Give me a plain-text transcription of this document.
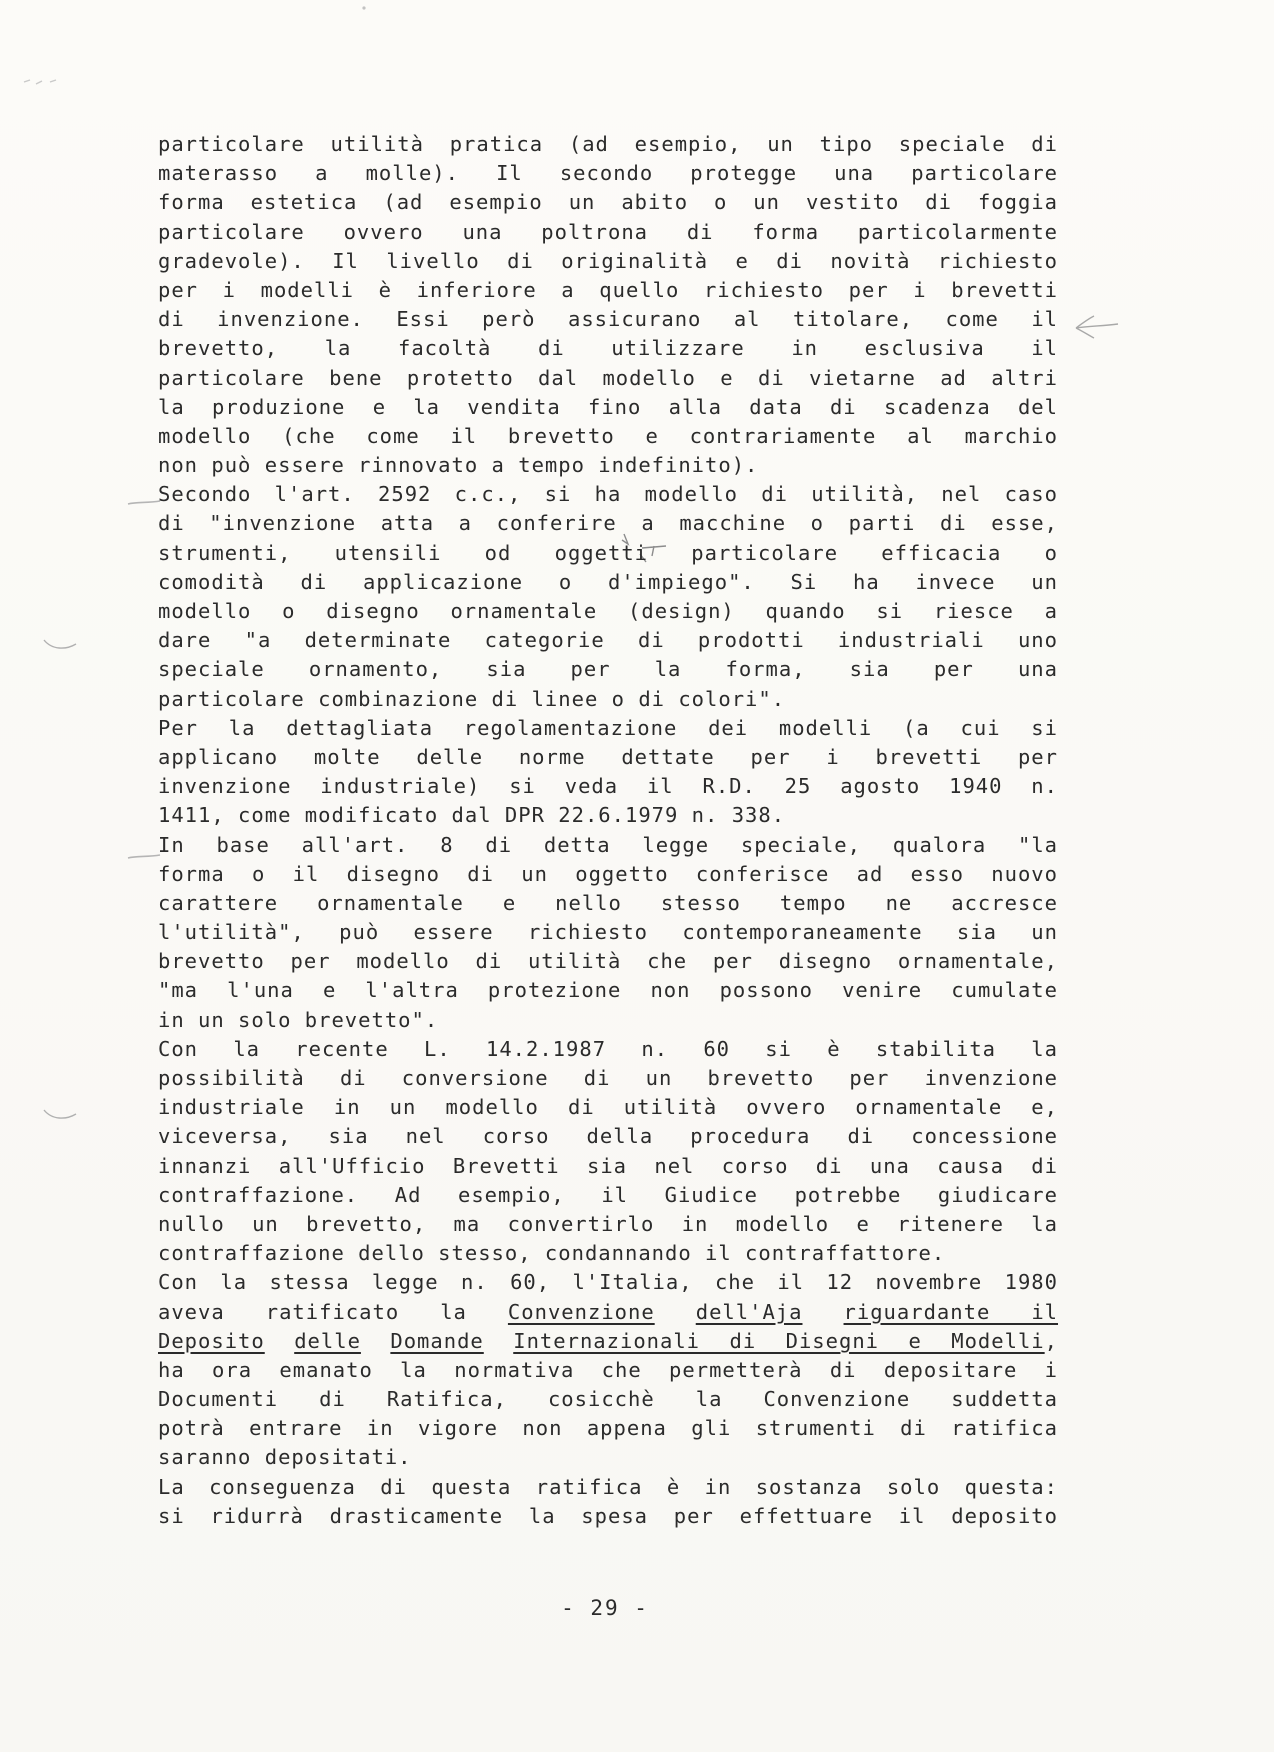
particolare utilità pratica (ad esempio, un tipo speciale di
materasso a molle). Il secondo protegge una particolare
forma estetica (ad esempio un abito o un vestito di foggia
particolare ovvero una poltrona di forma particolarmente
gradevole). Il livello di originalità e di novità richiesto
per i modelli è inferiore a quello richiesto per i brevetti
di invenzione. Essi però assicurano al titolare, come il
brevetto, la facoltà di utilizzare in esclusiva il
particolare bene protetto dal modello e di vietarne ad altri
la produzione e la vendita fino alla data di scadenza del
modello (che come il brevetto e contrariamente al marchio
non può essere rinnovato a tempo indefinito).
Secondo l'art. 2592 c.c., si ha modello di utilità, nel caso
di "invenzione atta a conferire a macchine o parti di esse,
strumenti, utensili od oggetti particolare efficacia o
comodità di applicazione o d'impiego". Si ha invece un
modello o disegno ornamentale (design) quando si riesce a
dare "a determinate categorie di prodotti industriali uno
speciale ornamento, sia per la forma, sia per una
particolare combinazione di linee o di colori".
Per la dettagliata regolamentazione dei modelli (a cui si
applicano molte delle norme dettate per i brevetti per
invenzione industriale) si veda il R.D. 25 agosto 1940 n.
1411, come modificato dal DPR 22.6.1979 n. 338.
In base all'art. 8 di detta legge speciale, qualora "la
forma o il disegno di un oggetto conferisce ad esso nuovo
carattere ornamentale e nello stesso tempo ne accresce
l'utilità", può essere richiesto contemporaneamente sia un
brevetto per modello di utilità che per disegno ornamentale,
"ma l'una e l'altra protezione non possono venire cumulate
in un solo brevetto".
Con la recente L. 14.2.1987 n. 60 si è stabilita la
possibilità di conversione di un brevetto per invenzione
industriale in un modello di utilità ovvero ornamentale e,
viceversa, sia nel corso della procedura di concessione
innanzi all'Ufficio Brevetti sia nel corso di una causa di
contraffazione. Ad esempio, il Giudice potrebbe giudicare
nullo un brevetto, ma convertirlo in modello e ritenere la
contraffazione dello stesso, condannando il contraffattore.
Con la stessa legge n. 60, l'Italia, che il 12 novembre 1980
aveva ratificato la Convenzione dell'Aja riguardante il
Deposito delle Domande Internazionali di Disegni e Modelli,
ha ora emanato la normativa che permetterà di depositare i
Documenti di Ratifica, cosicchè la Convenzione suddetta
potrà entrare in vigore non appena gli strumenti di ratifica
saranno depositati.
La conseguenza di questa ratifica è in sostanza solo questa:
si ridurrà drasticamente la spesa per effettuare il deposito
- 29 -
